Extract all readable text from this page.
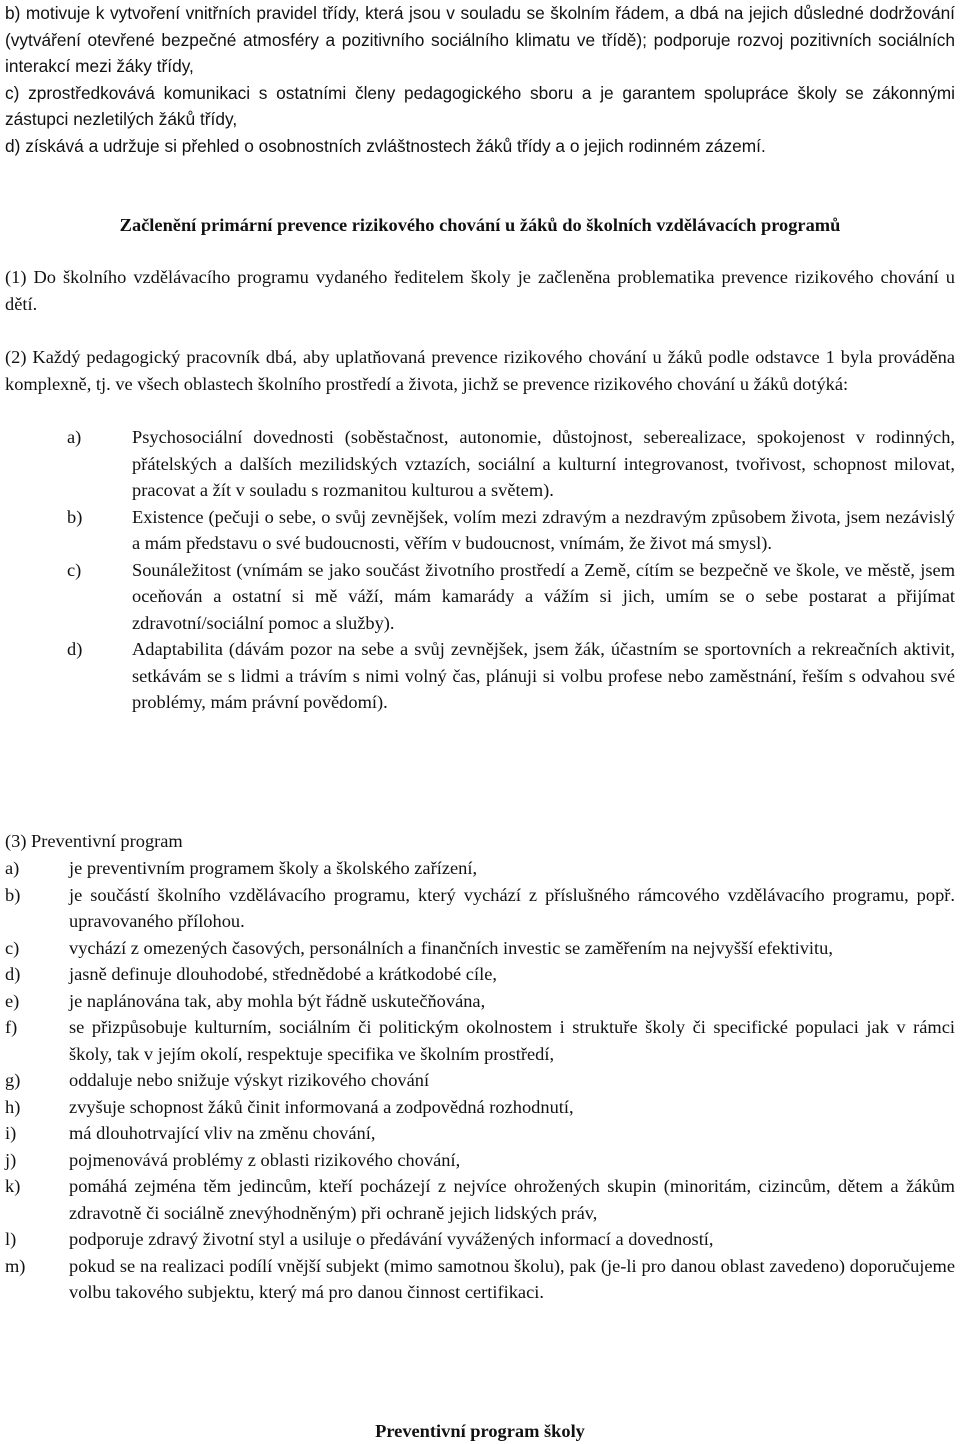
b) motivuje k vytvoření vnitřních pravidel třídy, která jsou v souladu se školním řádem, a dbá na jejich důsledné dodržování (vytváření otevřené bezpečné atmosféry a pozitivního sociálního klimatu ve třídě); podporuje rozvoj pozitivních sociálních interakcí mezi žáky třídy,

c) zprostředkovává komunikaci s ostatními členy pedagogického sboru a je garantem spolupráce školy se zákonnými zástupci nezletilých žáků třídy,

d) získává a udržuje si přehled o osobnostních zvláštnostech žáků třídy a o jejich rodinném zázemí.

Začlenění primární prevence rizikového chování u žáků do školních vzdělávacích programů

(1) Do školního vzdělávacího programu vydaného ředitelem školy je začleněna problematika prevence rizikového chování u dětí.

(2) Každý pedagogický pracovník dbá, aby uplatňovaná prevence rizikového chování u žáků podle odstavce 1 byla prováděna komplexně, tj. ve všech oblastech školního prostředí a života, jichž se prevence rizikového chování u žáků dotýká:

a)	Psychosociální dovednosti (soběstačnost, autonomie, důstojnost, seberealizace, spokojenost v rodinných, přátelských a dalších mezilidských vztazích, sociální a kulturní integrovanost, tvořivost, schopnost milovat, pracovat a žít v souladu s rozmanitou kulturou a světem).

b)	Existence (pečuji o sebe, o svůj zevnějšek, volím mezi zdravým a nezdravým způsobem života, jsem nezávislý a mám představu o své budoucnosti, věřím v budoucnost, vnímám, že život má smysl).

c)	Sounáležitost (vnímám se jako součást životního prostředí a Země, cítím se bezpečně ve škole, ve městě, jsem oceňován a ostatní si mě váží, mám kamarády a vážím si jich, umím se o sebe postarat a přijímat zdravotní/sociální pomoc a služby).

d)	Adaptabilita (dávám pozor na sebe a svůj zevnějšek, jsem žák, účastním se sportovních a rekreačních aktivit, setkávám se s lidmi a trávím s nimi volný čas, plánuji si volbu profese nebo zaměstnání, řeším s odvahou své problémy, mám právní povědomí).

(3) Preventivní program

a)	je preventivním programem školy a školského zařízení,

b)	je součástí školního vzdělávacího programu, který vychází z příslušného rámcového vzdělávacího programu, popř. upravovaného přílohou.

c)	vychází z omezených časových, personálních a finančních investic se zaměřením na nejvyšší efektivitu,

d)	jasně definuje dlouhodobé, střednědobé a krátkodobé cíle,

e)	je naplánována tak, aby mohla být řádně uskutečňována,

f)	se přizpůsobuje kulturním, sociálním či politickým okolnostem i struktuře školy či specifické populaci jak v rámci školy, tak v jejím okolí, respektuje specifika ve školním prostředí,

g)	oddaluje nebo snižuje výskyt rizikového chování

h)	zvyšuje schopnost žáků činit informovaná a zodpovědná rozhodnutí,

i)	má dlouhotrvající vliv na změnu chování,

j)	pojmenovává problémy z oblasti rizikového chování,

k)	pomáhá zejména těm jedincům, kteří pocházejí z nejvíce ohrožených skupin (minoritám, cizincům, dětem a žákům zdravotně či sociálně znevýhodněným) při ochraně jejich lidských práv,

l)	podporuje zdravý životní styl a usiluje o předávání vyvážených informací a dovedností,

m) pokud se na realizaci podílí vnější subjekt (mimo samotnou školu), pak (je-li pro danou oblast zavedeno) doporučujeme volbu takového subjektu, který má pro danou činnost certifikaci.

Preventivní program školy
